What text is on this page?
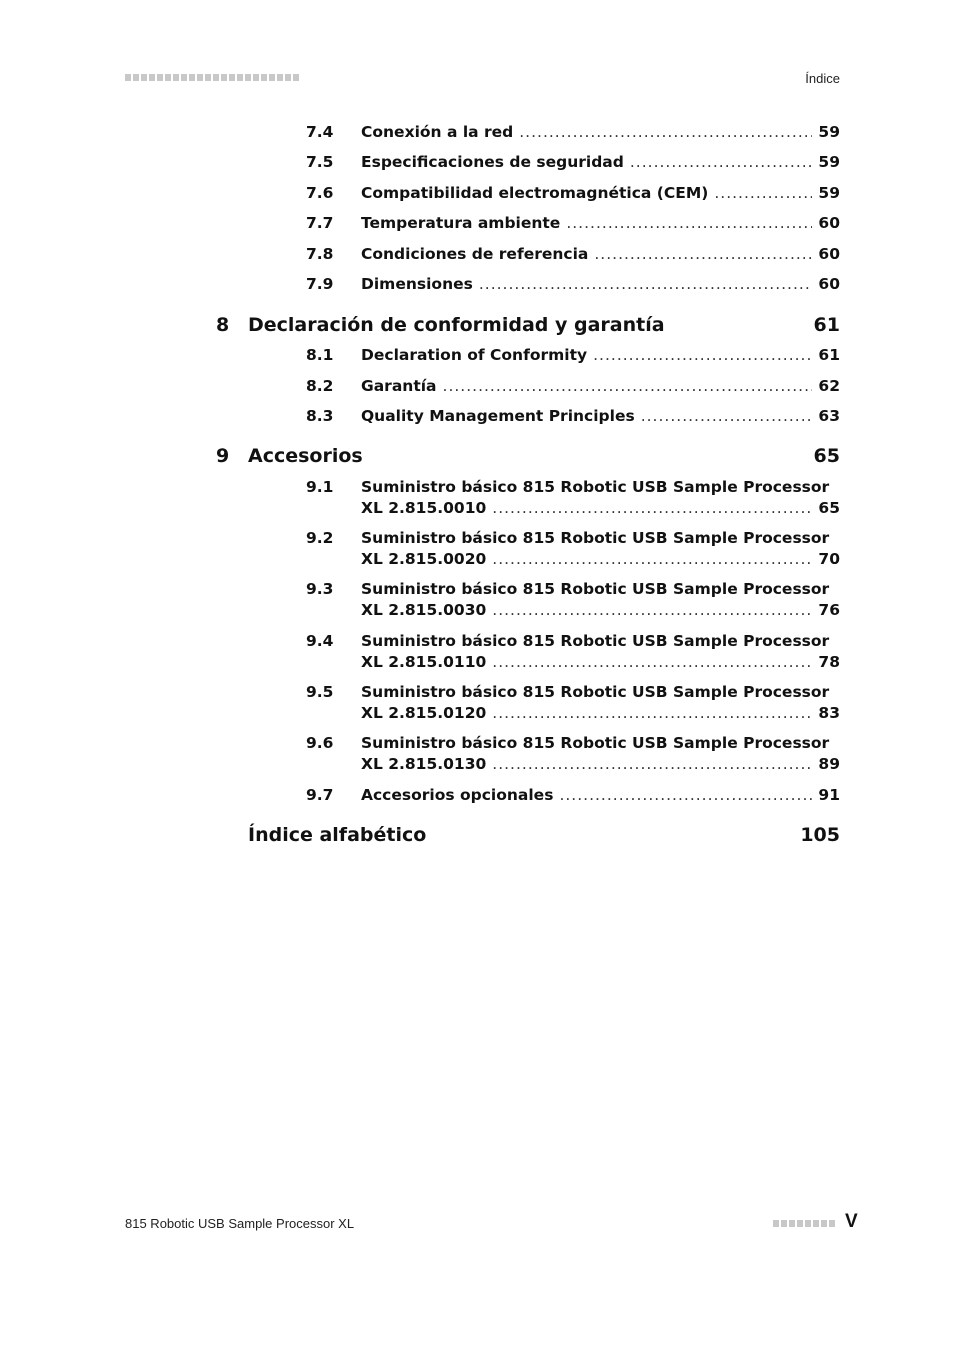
Índice
7.4 Conexión a la red .....	59
7.5 Especificaciones de seguridad .....	59
7.6 Compatibilidad electromagnética (CEM) .....	59
7.7 Temperatura ambiente .....	60
7.8 Condiciones de referencia .....	60
7.9 Dimensiones .....	60
8 Declaración de conformidad y garantía	61
8.1 Declaration of Conformity .....	61
8.2 Garantía .....	62
8.3 Quality Management Principles .....	63
9 Accesorios	65
9.1 Suministro básico 815 Robotic USB Sample Processor
XL 2.815.0010 .....	65
9.2 Suministro básico 815 Robotic USB Sample Processor
XL 2.815.0020 .....	70
9.3 Suministro básico 815 Robotic USB Sample Processor
XL 2.815.0030 .....	76
9.4 Suministro básico 815 Robotic USB Sample Processor
XL 2.815.0110 .....	78
9.5 Suministro básico 815 Robotic USB Sample Processor
XL 2.815.0120 .....	83
9.6 Suministro básico 815 Robotic USB Sample Processor
XL 2.815.0130 .....	89
9.7 Accesorios opcionales .....	91
Índice alfabético	105
815 Robotic USB Sample Processor XL	V
